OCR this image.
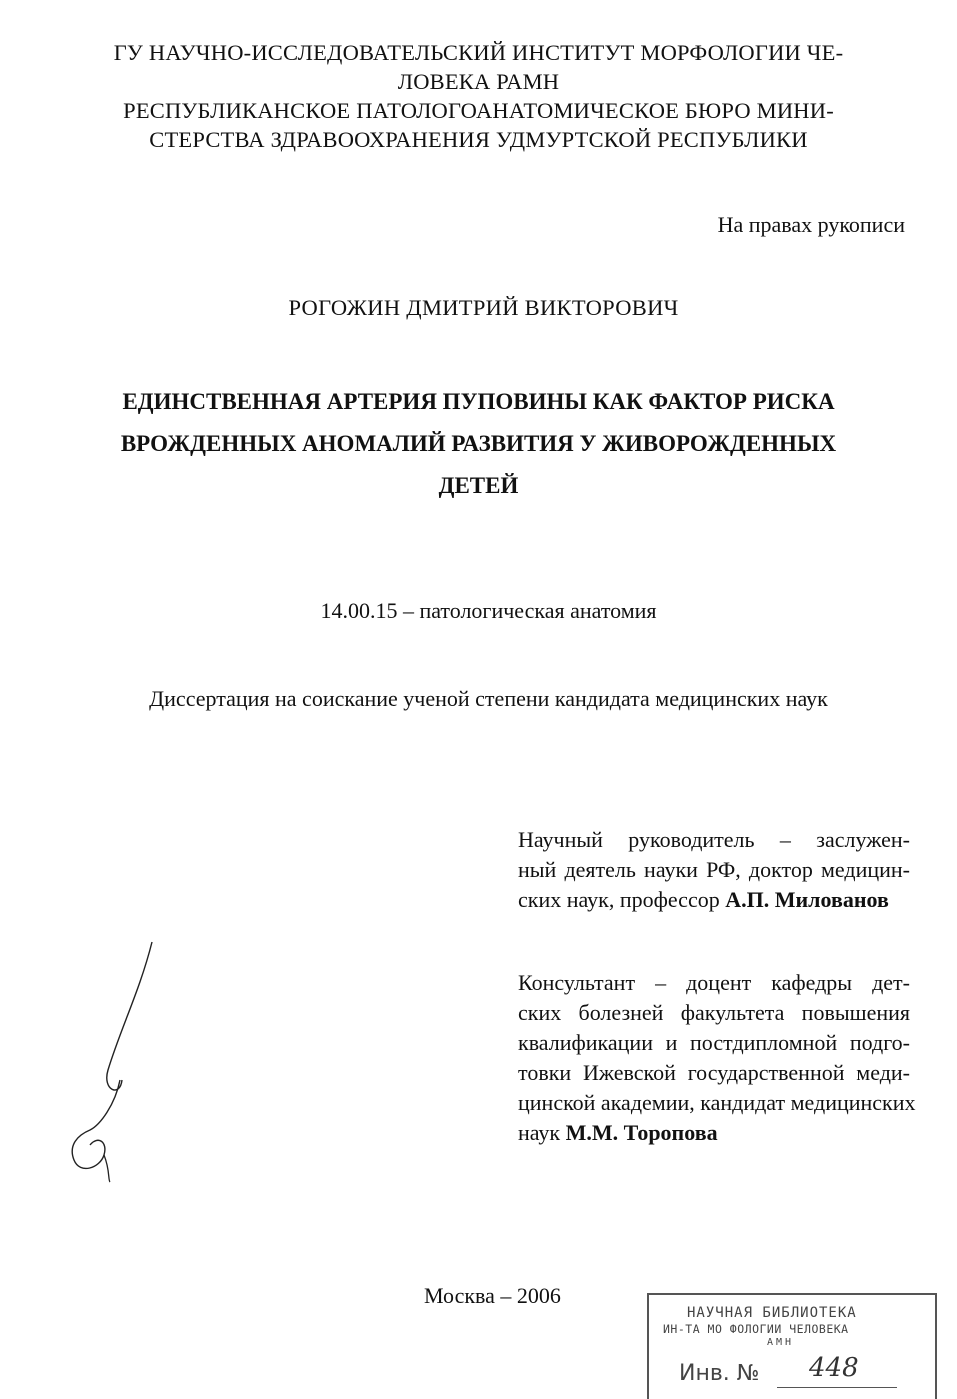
ГУ НАУЧНО-ИССЛЕДОВАТЕЛЬСКИЙ ИНСТИТУТ МОРФОЛОГИИ ЧЕ-
ЛОВЕКА РАМН
РЕСПУБЛИКАНСКОЕ ПАТОЛОГОАНАТОМИЧЕСКОЕ БЮРО МИНИ-
СТЕРСТВА ЗДРАВООХРАНЕНИЯ УДМУРТСКОЙ РЕСПУБЛИКИ
На правах рукописи
РОГОЖИН ДМИТРИЙ ВИКТОРОВИЧ
ЕДИНСТВЕННАЯ АРТЕРИЯ ПУПОВИНЫ КАК ФАКТОР РИСКА
ВРОЖДЕННЫХ АНОМАЛИЙ РАЗВИТИЯ У ЖИВОРОЖДЕННЫХ
ДЕТЕЙ
14.00.15 – патологическая анатомия
Диссертация на соискание ученой степени кандидата медицинских наук
Научный руководитель – заслужен-
ный деятель науки РФ, доктор медицин-
ских наук, профессор А.П. Милованов
Консультант – доцент кафедры дет-
ских болезней факультета повышения
квалификации и постдипломной подго-
товки Ижевской государственной меди-
цинской академии, кандидат медицинских
наук М.М. Торопова
Москва – 2006
НАУЧНАЯ БИБЛИОТЕКА
ИН-ТА МО ФОЛОГИИ ЧЕЛОВЕКА
АМН
Инв. № 448
